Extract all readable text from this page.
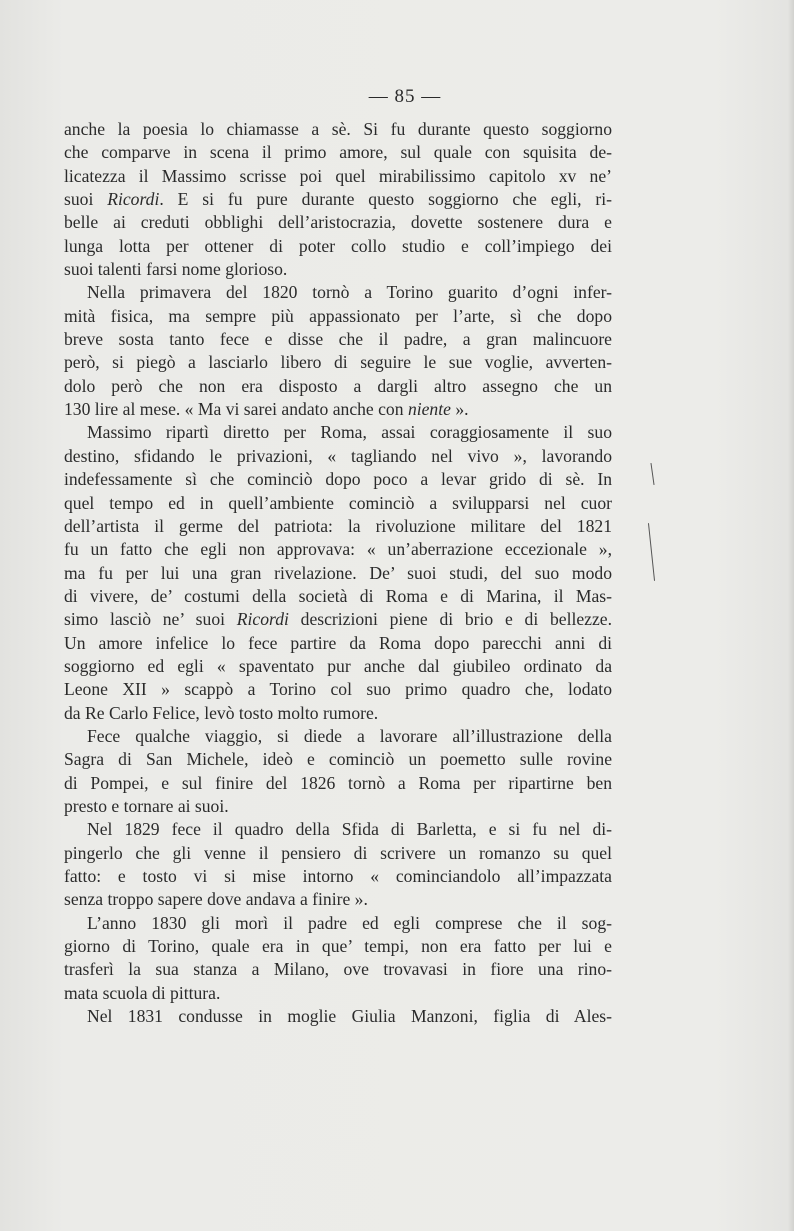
— 85 —
anche la poesia lo chiamasse a sè. Si fu durante questo soggiorno
che comparve in scena il primo amore, sul quale con squisita de-
licatezza il Massimo scrisse poi quel mirabilissimo capitolo xv ne’
suoi Ricordi. E si fu pure durante questo soggiorno che egli, ri-
belle ai creduti obblighi dell’aristocrazia, dovette sostenere dura e
lunga lotta per ottener di poter collo studio e coll’impiego dei
suoi talenti farsi nome glorioso.
Nella primavera del 1820 tornò a Torino guarito d’ogni infer-
mità fisica, ma sempre più appassionato per l’arte, sì che dopo
breve sosta tanto fece e disse che il padre, a gran malincuore
però, si piegò a lasciarlo libero di seguire le sue voglie, avverten-
dolo però che non era disposto a dargli altro assegno che un
130 lire al mese. « Ma vi sarei andato anche con niente ».
Massimo ripartì diretto per Roma, assai coraggiosamente il suo
destino, sfidando le privazioni, « tagliando nel vivo », lavorando
indefessamente sì che cominciò dopo poco a levar grido di sè. In
quel tempo ed in quell’ambiente cominciò a svilupparsi nel cuor
dell’artista il germe del patriota: la rivoluzione militare del 1821
fu un fatto che egli non approvava: « un’aberrazione eccezionale »,
ma fu per lui una gran rivelazione. De’ suoi studi, del suo modo
di vivere, de’ costumi della società di Roma e di Marina, il Mas-
simo lasciò ne’ suoi Ricordi descrizioni piene di brio e di bellezze.
Un amore infelice lo fece partire da Roma dopo parecchi anni di
soggiorno ed egli « spaventato pur anche dal giubileo ordinato da
Leone XII » scappò a Torino col suo primo quadro che, lodato
da Re Carlo Felice, levò tosto molto rumore.
Fece qualche viaggio, si diede a lavorare all’illustrazione della
Sagra di San Michele, ideò e cominciò un poemetto sulle rovine
di Pompei, e sul finire del 1826 tornò a Roma per ripartirne ben
presto e tornare ai suoi.
Nel 1829 fece il quadro della Sfida di Barletta, e si fu nel di-
pingerlo che gli venne il pensiero di scrivere un romanzo su quel
fatto: e tosto vi si mise intorno « cominciandolo all’impazzata
senza troppo sapere dove andava a finire ».
L’anno 1830 gli morì il padre ed egli comprese che il sog-
giorno di Torino, quale era in que’ tempi, non era fatto per lui e
trasferì la sua stanza a Milano, ove trovavasi in fiore una rino-
mata scuola di pittura.
Nel 1831 condusse in moglie Giulia Manzoni, figlia di Ales-
